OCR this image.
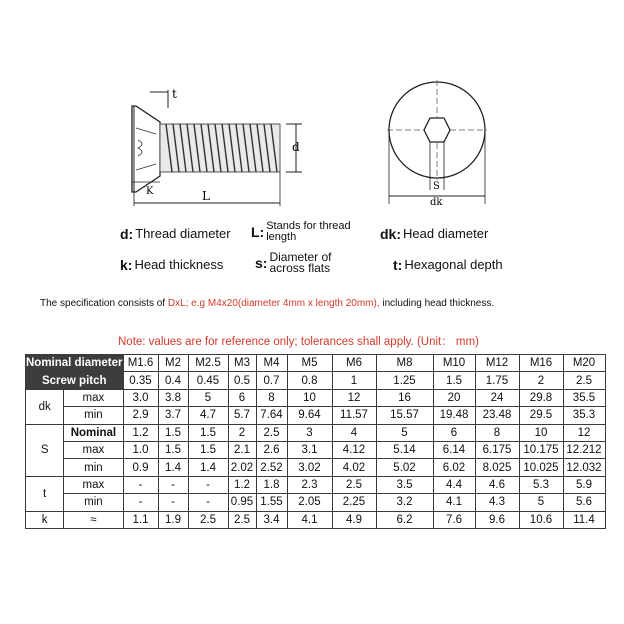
t
d
K	L
S
dk
d: Thread diameter L: Stands for thread length	dk: Head diameter
k: Head thickness s: Diameter of across flats	t: Hexagonal depth
The specification consists of DxL; e.g M4x20(diameter 4mm x length 20mm), including head thickness.
Note: values are for reference only; tolerances shall apply. (Unit： mm)
Nominal diameter		M1.6	M2	M2.5	M3	M4	M5	M6	M8	M10	M12	M16	M20
Screw pitch		0.35	0.4	0.45	0.5	0.7	0.8	1	1.25	1.5	1.75	2	2.5
dk	max	3.0	3.8	5	6	8	10	12	16	20	24	29.8	35.5
	min	2.9	3.7	4.7	5.7	7.64	9.64	11.57	15.57	19.48	23.48	29.5	35.3
S	Nominal	1.2	1.5	1.5	2	2.5	3	4	5	6	8	10	12
	max	1.0	1.5	1.5	2.1	2.6	3.1	4.12	5.14	6.14	6.175	10.175	12.212
	min	0.9	1.4	1.4	2.02	2.52	3.02	4.02	5.02	6.02	8.025	10.025	12.032
t	max	-	-	-	1.2	1.8	2.3	2.5	3.5	4.4	4.6	5.3	5.9
	min	-	-	-	0.95	1.55	2.05	2.25	3.2	4.1	4.3	5	5.6
k	≈	1.1	1.9	2.5	2.5	3.4	4.1	4.9	6.2	7.6	9.6	10.6	11.4
